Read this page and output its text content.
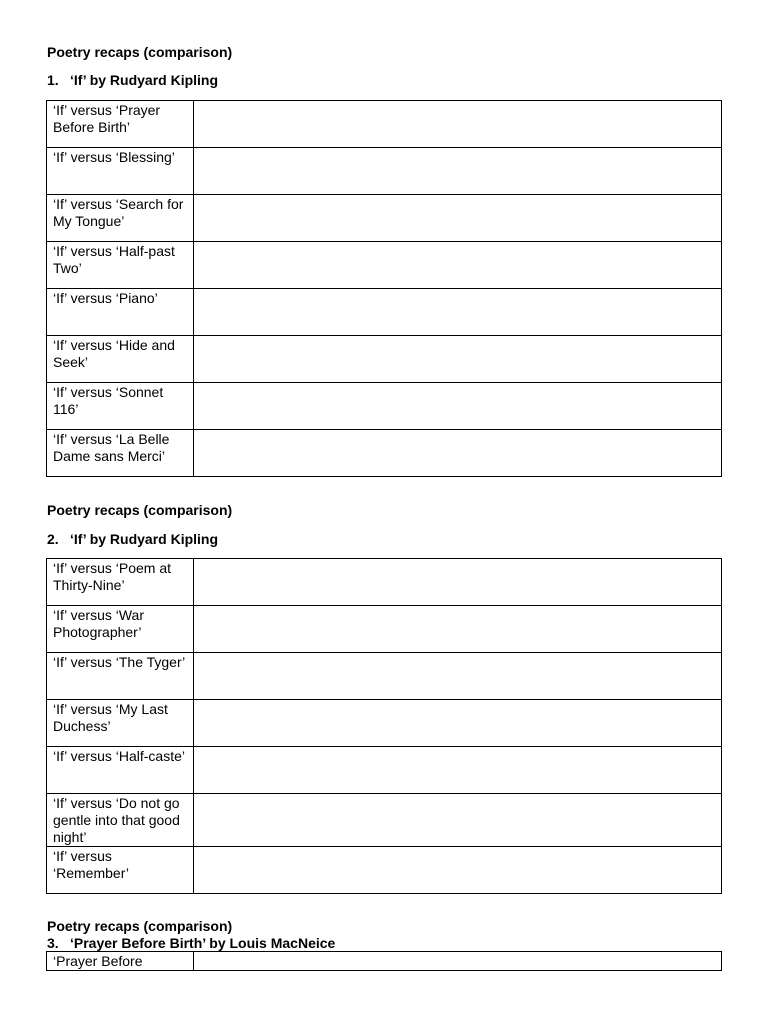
Poetry recaps (comparison)
1. ‘If’ by Rudyard Kipling
‘If’ versus ‘Prayer Before Birth’	
‘If’ versus ‘Blessing’	
‘If’ versus ‘Search for My Tongue’	
‘If’ versus ‘Half-past Two’	
‘If’ versus ‘Piano’	
‘If’ versus ‘Hide and Seek’	
‘If’ versus ‘Sonnet 116’	
‘If’ versus ‘La Belle Dame sans Merci’	
Poetry recaps (comparison)
2. ‘If’ by Rudyard Kipling
‘If’ versus ‘Poem at Thirty-Nine’	
‘If’ versus ‘War Photographer’	
‘If’ versus ‘The Tyger’	
‘If’ versus ‘My Last Duchess’	
‘If’ versus ‘Half-caste’	
‘If’ versus ‘Do not go gentle into that good night’	
‘If’ versus ‘Remember’	
Poetry recaps (comparison)
3. ‘Prayer Before Birth’ by Louis MacNeice
‘Prayer Before	
